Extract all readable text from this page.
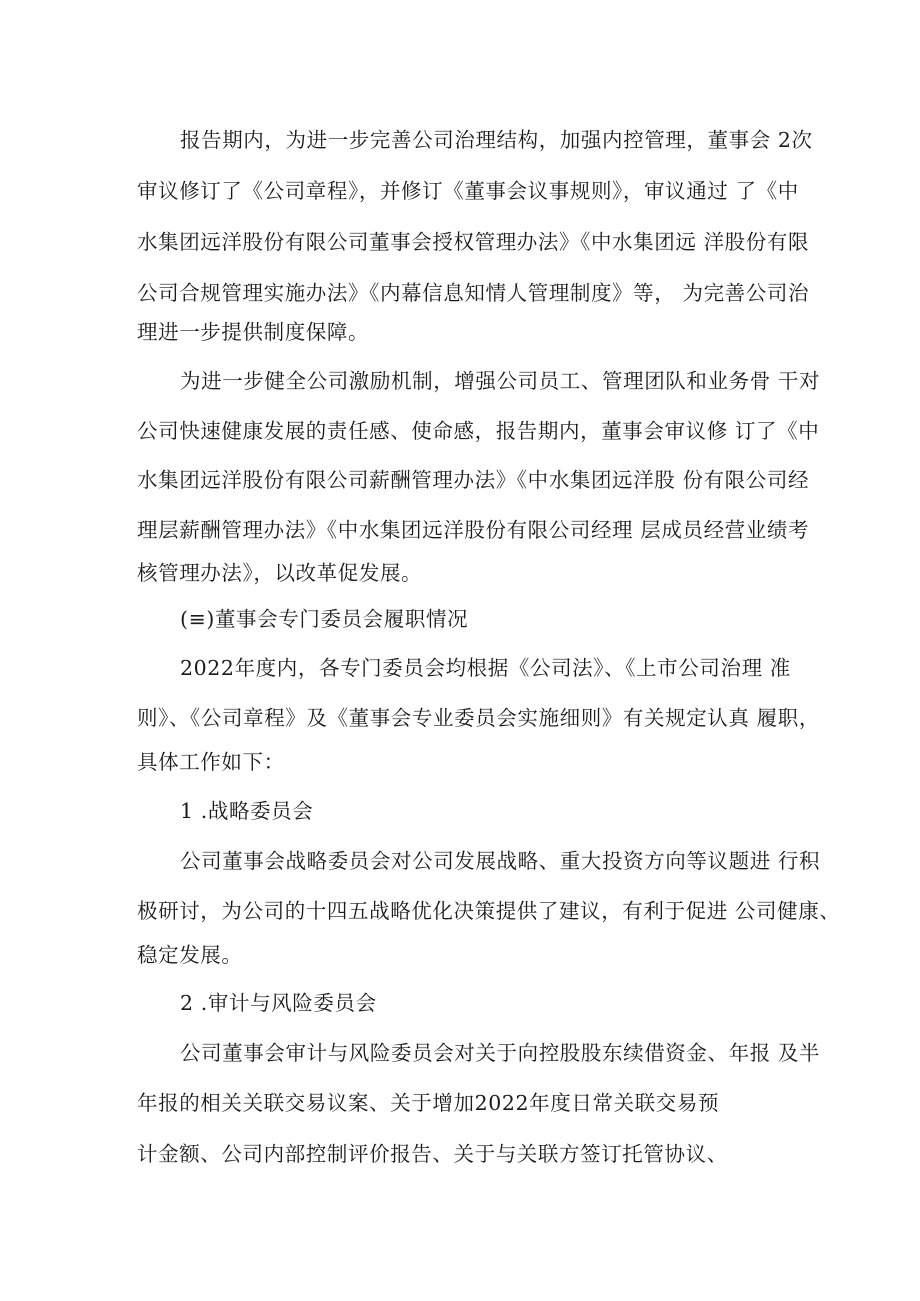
报告期内，为进一步完善公司治理结构，加强内控管理，董事会 2次
审议修订了《公司章程》，并修订《董事会议事规则》，审议通过 了《中
水集团远洋股份有限公司董事会授权管理办法》《中水集团远 洋股份有限
公司合规管理实施办法》《内幕信息知情人管理制度》等， 为完善公司治
理进一步提供制度保障。
为进一步健全公司激励机制，增强公司员工、管理团队和业务骨 干对
公司快速健康发展的责任感、使命感，报告期内，董事会审议修 订了《中
水集团远洋股份有限公司薪酬管理办法》《中水集团远洋股 份有限公司经
理层薪酬管理办法》《中水集团远洋股份有限公司经理 层成员经营业绩考
核管理办法》，以改革促发展。
(≡)董事会专门委员会履职情况
2022年度内，各专门委员会均根据《公司法》、《上市公司治理 准
则》、《公司章程》及《董事会专业委员会实施细则》有关规定认真 履职，
具体工作如下：
1 .战略委员会
公司董事会战略委员会对公司发展战略、重大投资方向等议题进 行积
极研讨，为公司的十四五战略优化决策提供了建议，有利于促进 公司健康、
稳定发展。
2 .审计与风险委员会
公司董事会审计与风险委员会对关于向控股股东续借资金、年报 及半
年报的相关关联交易议案、关于增加2022年度日常关联交易预
计金额、公司内部控制评价报告、关于与关联方签订托管协议、
